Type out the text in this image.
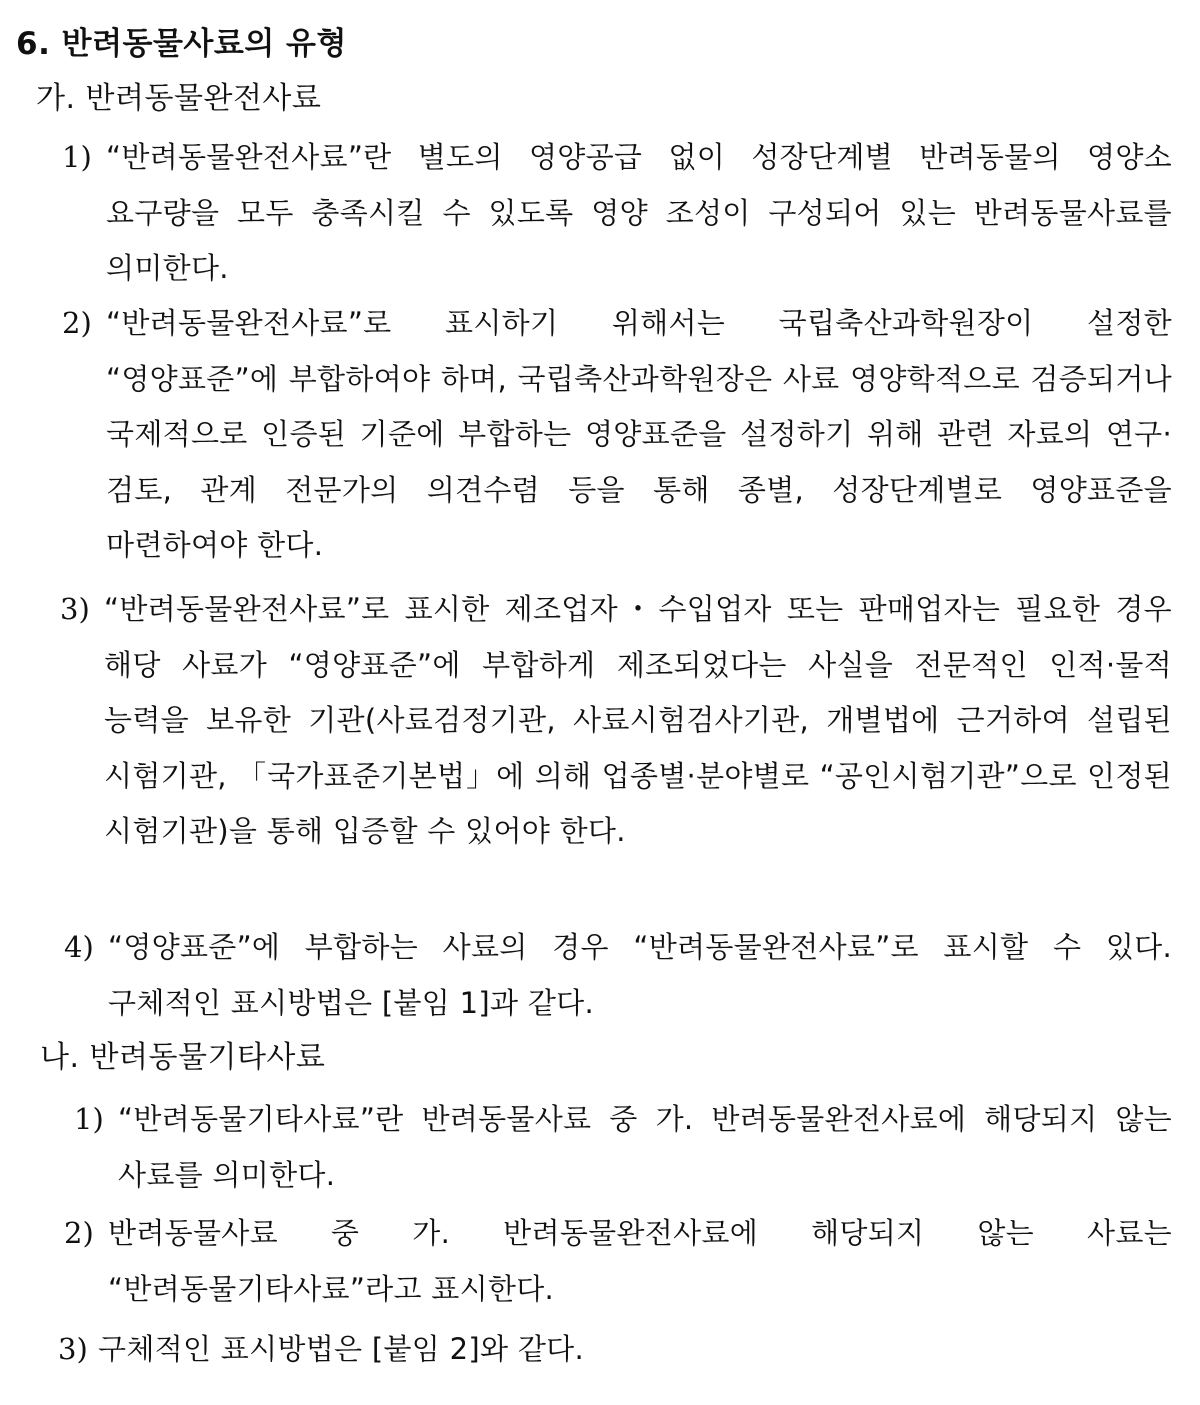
6. 반려동물사료의 유형
가. 반려동물완전사료
1) “반려동물완전사료”란 별도의 영양공급 없이 성장단계별 반려동물의 영양소 요구량을 모두 충족시킬 수 있도록 영양 조성이 구성되어 있는 반려동물사료를 의미한다.
2) “반려동물완전사료”로 표시하기 위해서는 국립축산과학원장이 설정한 “영양표준”에 부합하여야 하며, 국립축산과학원장은 사료 영양학적으로 검증되거나 국제적으로 인증된 기준에 부합하는 영양표준을 설정하기 위해 관련 자료의 연구·검토, 관계 전문가의 의견수렴 등을 통해 종별, 성장단계별로 영양표준을 마련하여야 한다.
3) “반려동물완전사료”로 표시한 제조업자・수입업자 또는 판매업자는 필요한 경우 해당 사료가 “영양표준”에 부합하게 제조되었다는 사실을 전문적인 인적·물적 능력을 보유한 기관(사료검정기관, 사료시험검사기관, 개별법에 근거하여 설립된 시험기관, 「국가표준기본법」에 의해 업종별·분야별로 “공인시험기관”으로 인정된 시험기관)을 통해 입증할 수 있어야 한다.
4) “영양표준”에 부합하는 사료의 경우 “반려동물완전사료”로 표시할 수 있다. 구체적인 표시방법은 [붙임 1]과 같다.
나. 반려동물기타사료
1) “반려동물기타사료”란 반려동물사료 중 가. 반려동물완전사료에 해당되지 않는 사료를 의미한다.
2) 반려동물사료 중 가. 반려동물완전사료에 해당되지 않는 사료는 “반려동물기타사료”라고 표시한다.
3) 구체적인 표시방법은 [붙임 2]와 같다.
